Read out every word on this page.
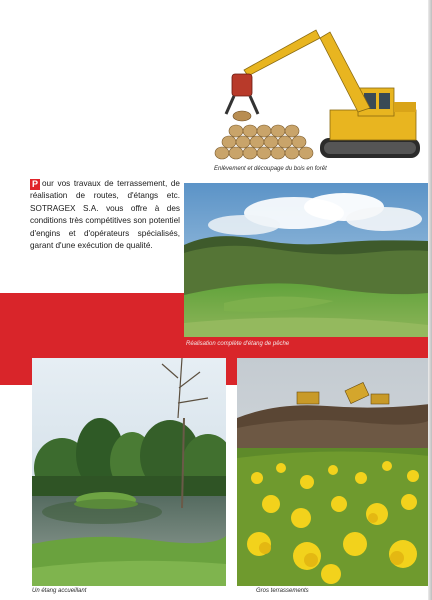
Enlèvement et découpage du bois en forêt
P our vos travaux de terrassement, de réalisation de routes, d'étangs etc. SOTRAGEX S.A. vous offre à des conditions très compétitives son potentiel d'engins et d'opérateurs spécialisés, garant d'une exécution de qualité.
Réalisation complète d'étang de pêche
Un étang accueillant	Gros terrassements
